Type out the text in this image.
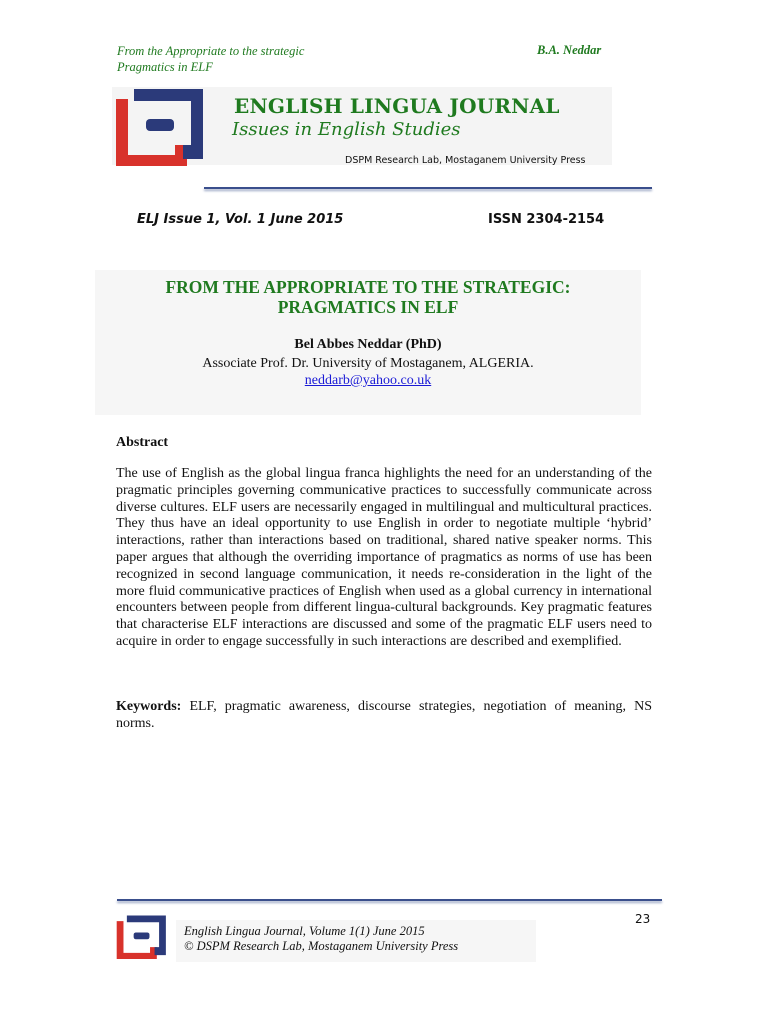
From the Appropriate to the strategic
Pragmatics in ELF
B.A. Neddar
ENGLISH LINGUA JOURNAL
Issues in English Studies
DSPM Research Lab, Mostaganem University Press
ELJ Issue 1, Vol. 1 June 2015	ISSN 2304-2154
FROM THE APPROPRIATE TO THE STRATEGIC:
PRAGMATICS IN ELF
Bel Abbes Neddar (PhD)
Associate Prof. Dr. University of Mostaganem, ALGERIA.
neddarb@yahoo.co.uk
Abstract
The use of English as the global lingua franca highlights the need for an understanding of the pragmatic principles governing communicative practices to successfully communicate across diverse cultures. ELF users are necessarily engaged in multilingual and multicultural practices. They thus have an ideal opportunity to use English in order to negotiate multiple ‘hybrid’ interactions, rather than interactions based on traditional, shared native speaker norms. This paper argues that although the overriding importance of pragmatics as norms of use has been recognized in second language communication, it needs re-consideration in the light of the more fluid communicative practices of English when used as a global currency in international encounters between people from different lingua-cultural backgrounds. Key pragmatic features that characterise ELF interactions are discussed and some of the pragmatic ELF users need to acquire in order to engage successfully in such interactions are described and exemplified.
Keywords: ELF, pragmatic awareness, discourse strategies, negotiation of meaning, NS norms.
23
English Lingua Journal, Volume 1(1) June 2015
© DSPM Research Lab, Mostaganem University Press
